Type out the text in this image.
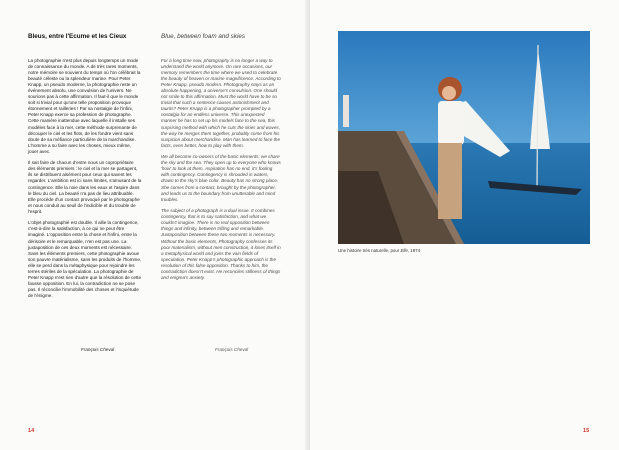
Bleus, entre l'Ecume et les Cieux	Blue, between foam and skies

La photographie n'est plus depuis longtemps un mode de connaissance du monde. A de très rares moments, notre mémoire se souvient du temps où l'on célébrait la beauté céleste ou la splendeur marine. Pour Peter Knapp, un pseudo moderne, la photographie reste un événement absolu, une convulsion de l'univers. Ne sourions pas à cette affirmation. Il faut-il que le monde soit si trivial pour qu'une telle proposition provoque étonnement et railleries ! Par sa nostalgie de l'infini, Peter Knapp exerce sa profession de photographe. Cette manière inattendue avec laquelle il installe ses modèles face à la mer, cette méthode surprenante de découper le ciel et les flots, de les fondre vient sans doute de sa méfiance particulière de la marchandise. L'homme a su faire avec les choses, mieux même, jouer avec.

Il sait faire de chacun d'entre nous un copropriétaire des éléments premiers : le ciel et la mer se partagent, ils se distribuent aisément pour ceux qui savent les regarder. L'ambition est ici sans limites, s'amusant de la contingence. Elle la noie dans les eaux et l'aspire dans le bleu du ciel. La beauté n'a pas de lieu attribuable. Elle procède d'un contact provoqué par le photographe et nous conduit au seuil de l'indicible et du trouble de l'esprit.

L'objet photographié est double. Il allie la contingence, c'est-à-dire la satisfaction, à ce qui ne peut être imaginé. L'opposition entre la chose et l'infini, entre la dérisoire et le remarquable, n'en est pas une. La juxtaposition de ces deux moments est nécessaire. Sans les éléments premiers, cette photographie avoue son pauvre matérialisme, sans les produits de l'homme, elle se perd dans la métaphysique pour rejoindre les terres stériles de la spéculation. La photographie de Peter Knapp n'est rien d'autre que la résolution de cette fausse opposition. En lui, la contradiction ne se pose pas. Il réconcilie l'immobilité des choses et l'inquiétude de l'énigme.

For a long time now, photography is no longer a way to understand the world anymore. On rare occasions, our memory remembers the time where we used to celebrate the beauty of heaven or marine magnificence. According to Peter Knapp, pseudo modern. Photography stays as an absolute happening, a universe's convulsion. One should not smile to this affirmation. Must the world have to be so trivial that such a sentence causes astonishment and taunts? Peter Knapp is a photographer prompted by a nostalgia for an endless universe. This unexpected manner he has to set up his models face to the sea, this surprising method with which he cuts the skies and waves, the way he merges them together, probably come from his suspicion about merchandise. Man has learned to face the facts, even better, how to play with them.

We all become co-owners of the basic elements: we share the sky and the sea. They open up to everyone who knows 'how' to look at them. Aspiration has no end, it's fooling with contingency. Contingency is shrouded in waters, drawn to the sky's blue color. Beauty has no strong place. She comes from a contact, brought by the photographer, and leads us to the boundary from unutterable and mind troubles.

The subject of a photograph is a dual issue. It combines contingency, that is to say satisfaction, and what we couldn't imagine. There is no real opposition between things and infinity, between trifling and remarkable. Juxtaposition between these two moments is necessary. Without the basic elements, Photography confesses its poor materialism, without men construction, it loses itself in a metaphysical world and joins the vain fields of speculation. Peter Knapp's photographic approach is the resolution of this false opposition. Thanks to him, the contradiction doesn't exist. He reconciles stillness of things and enigma's anxiety.

François Cheval	François Cheval
14
Une histoire très naturelle, pour Elle, 1974
15
